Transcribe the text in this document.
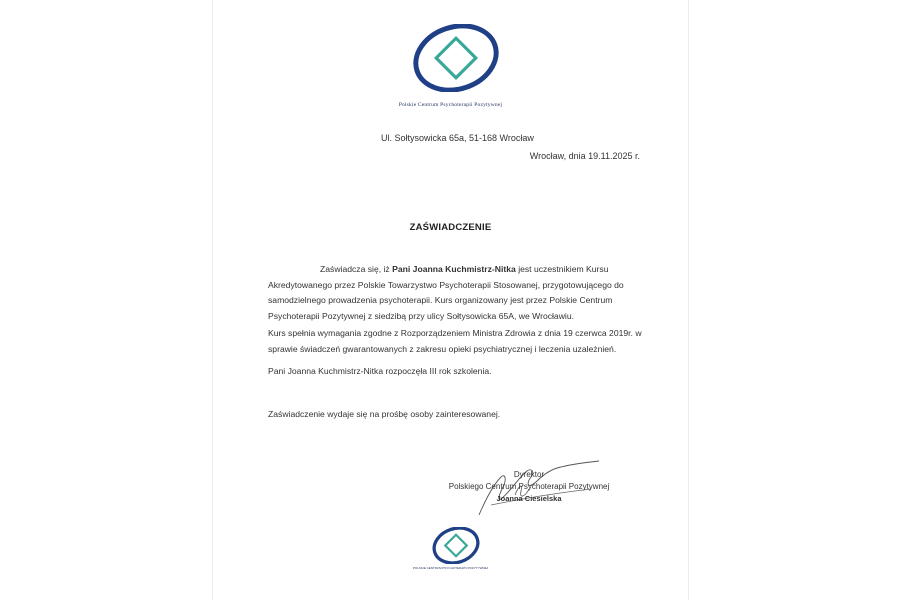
Polskie Centrum Psychoterapii Pozytywnej
Ul. Sołtysowicka 65a, 51-168 Wrocław
Wrocław, dnia 19.11.2025 r.
ZAŚWIADCZENIE
Zaświadcza się, iż Pani Joanna Kuchmistrz-Nitka jest uczestnikiem Kursu Akredytowanego przez Polskie Towarzystwo Psychoterapii Stosowanej, przygotowującego do samodzielnego prowadzenia psychoterapii. Kurs organizowany jest przez Polskie Centrum Psychoterapii Pozytywnej z siedzibą przy ulicy Sołtysowicka 65A, we Wrocławiu.
Kurs spełnia wymagania zgodne z Rozporządzeniem Ministra Zdrowia z dnia 19 czerwca 2019r. w sprawie świadczeń gwarantowanych z zakresu opieki psychiatrycznej i leczenia uzależnień.
Pani Joanna Kuchmistrz-Nitka rozpoczęła III rok szkolenia.
Zaświadczenie wydaje się na prośbę osoby zainteresowanej.
Dyrektor
Polskiego Centrum Psychoterapii Pozytywnej
Joanna Ciesielska
POLSKIE CENTRUM PSYCHOTERAPII POZYTYWNEJ
